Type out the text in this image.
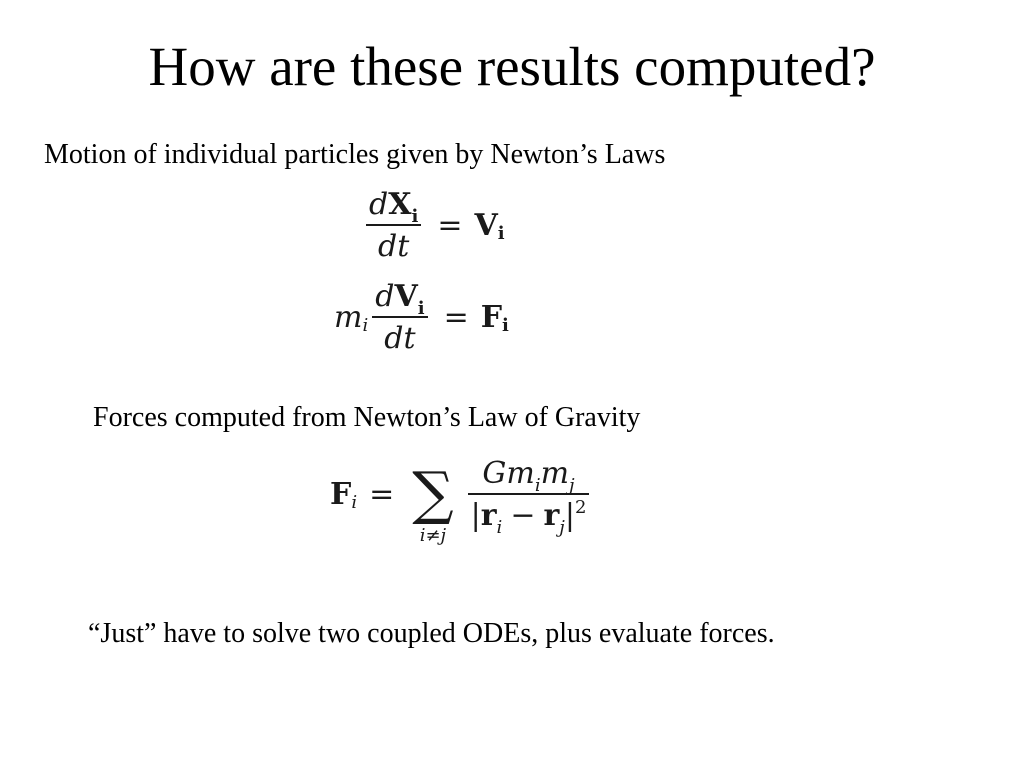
How are these results computed?
Motion of individual particles given by Newton’s Laws
$\frac{dX_i}{dt} = V$ i
m i $\frac{dV_i}{dt} = F$ i
Forces computed from Newton’s Law of Gravity
F i = ∑
i≠j
$\frac{Gm_im_j}{|r_i - r_j|^2}$
“Just” have to solve two coupled ODEs, plus evaluate forces.
